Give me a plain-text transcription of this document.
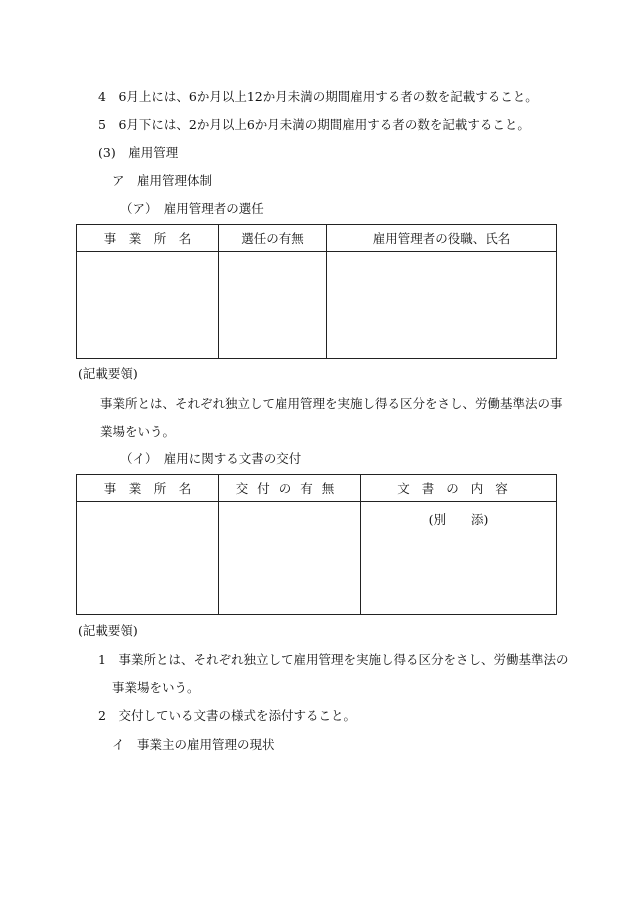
4　6月上には、6か月以上12か月未満の期間雇用する者の数を記載すること。
5　6月下には、2か月以上6か月未満の期間雇用する者の数を記載すること。
(3)　雇用管理
ア　雇用管理体制
（ア）　雇用管理者の選任
事　業　所　名	選任の有無	雇用管理者の役職、氏名

(記載要領)
事業所とは、それぞれ独立して雇用管理を実施し得る区分をさし、労働基準法の事
業場をいう。
（イ）　雇用に関する文書の交付
事　業　所　名	交付の有無	文書の内容
		(別　　添)
(記載要領)
1　事業所とは、それぞれ独立して雇用管理を実施し得る区分をさし、労働基準法の
事業場をいう。
2　交付している文書の様式を添付すること。
イ　事業主の雇用管理の現状
